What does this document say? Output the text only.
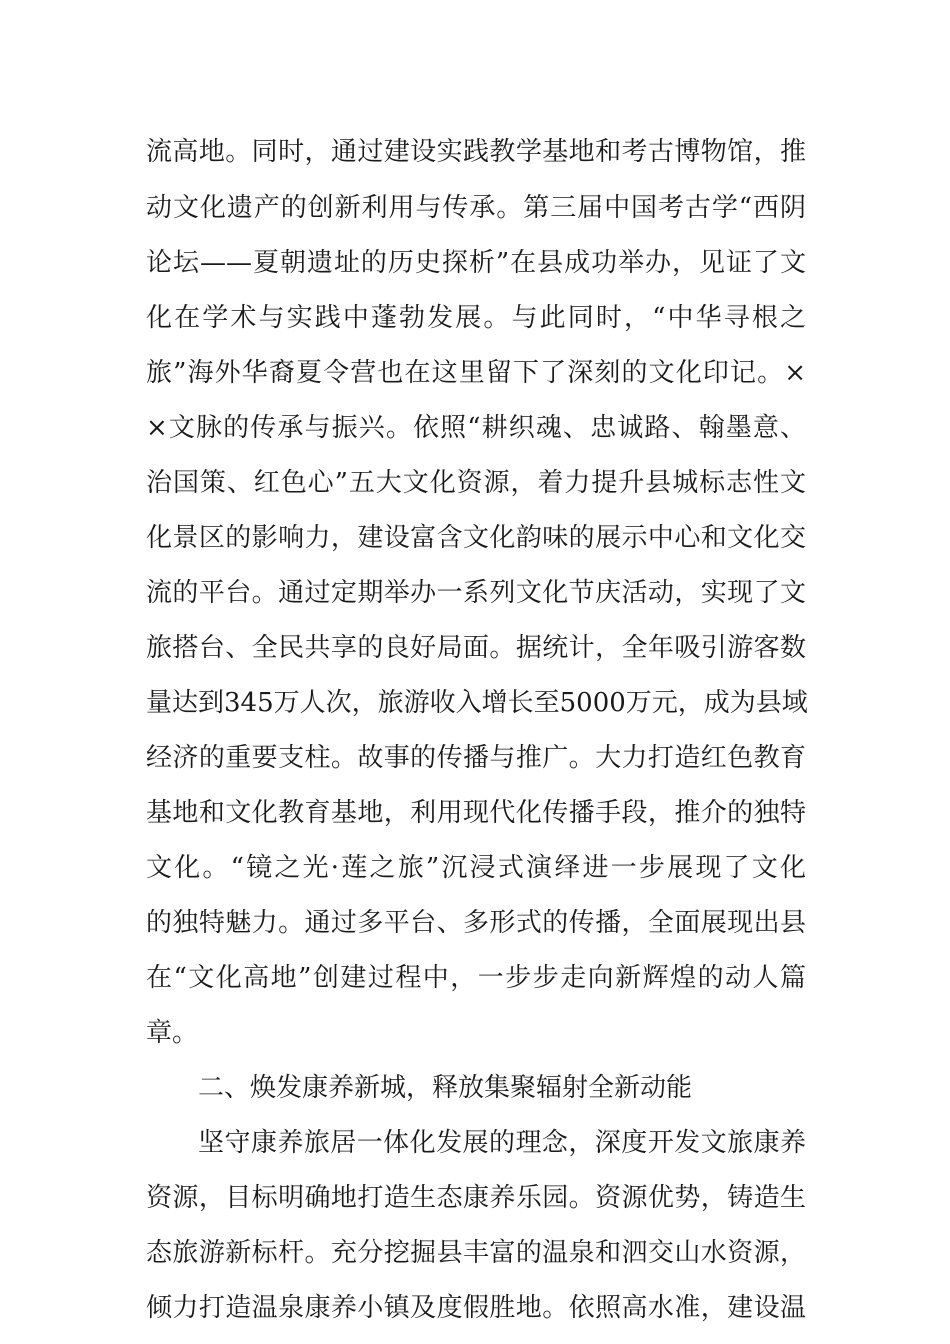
流高地。同时，通过建设实践教学基地和考古博物馆，推
动文化遗产的创新利用与传承。第三届中国考古学“西阴
论坛——夏朝遗址的历史探析”在县成功举办，见证了文
化在学术与实践中蓬勃发展。与此同时，“中华寻根之
旅”海外华裔夏令营也在这里留下了深刻的文化印记。×
×文脉的传承与振兴。依照“耕织魂、忠诚路、翰墨意、
治国策、红色心”五大文化资源，着力提升县城标志性文
化景区的影响力，建设富含文化韵味的展示中心和文化交
流的平台。通过定期举办一系列文化节庆活动，实现了文
旅搭台、全民共享的良好局面。据统计，全年吸引游客数
量达到345万人次，旅游收入增长至5000万元，成为县域
经济的重要支柱。故事的传播与推广。大力打造红色教育
基地和文化教育基地，利用现代化传播手段，推介的独特
文化。“镜之光·莲之旅”沉浸式演绎进一步展现了文化
的独特魅力。通过多平台、多形式的传播，全面展现出县
在“文化高地”创建过程中，一步步走向新辉煌的动人篇
章。
二、焕发康养新城，释放集聚辐射全新动能
坚守康养旅居一体化发展的理念，深度开发文旅康养
资源，目标明确地打造生态康养乐园。资源优势，铸造生
态旅游新标杆。充分挖掘县丰富的温泉和泗交山水资源，
倾力打造温泉康养小镇及度假胜地。依照高水准，建设温
